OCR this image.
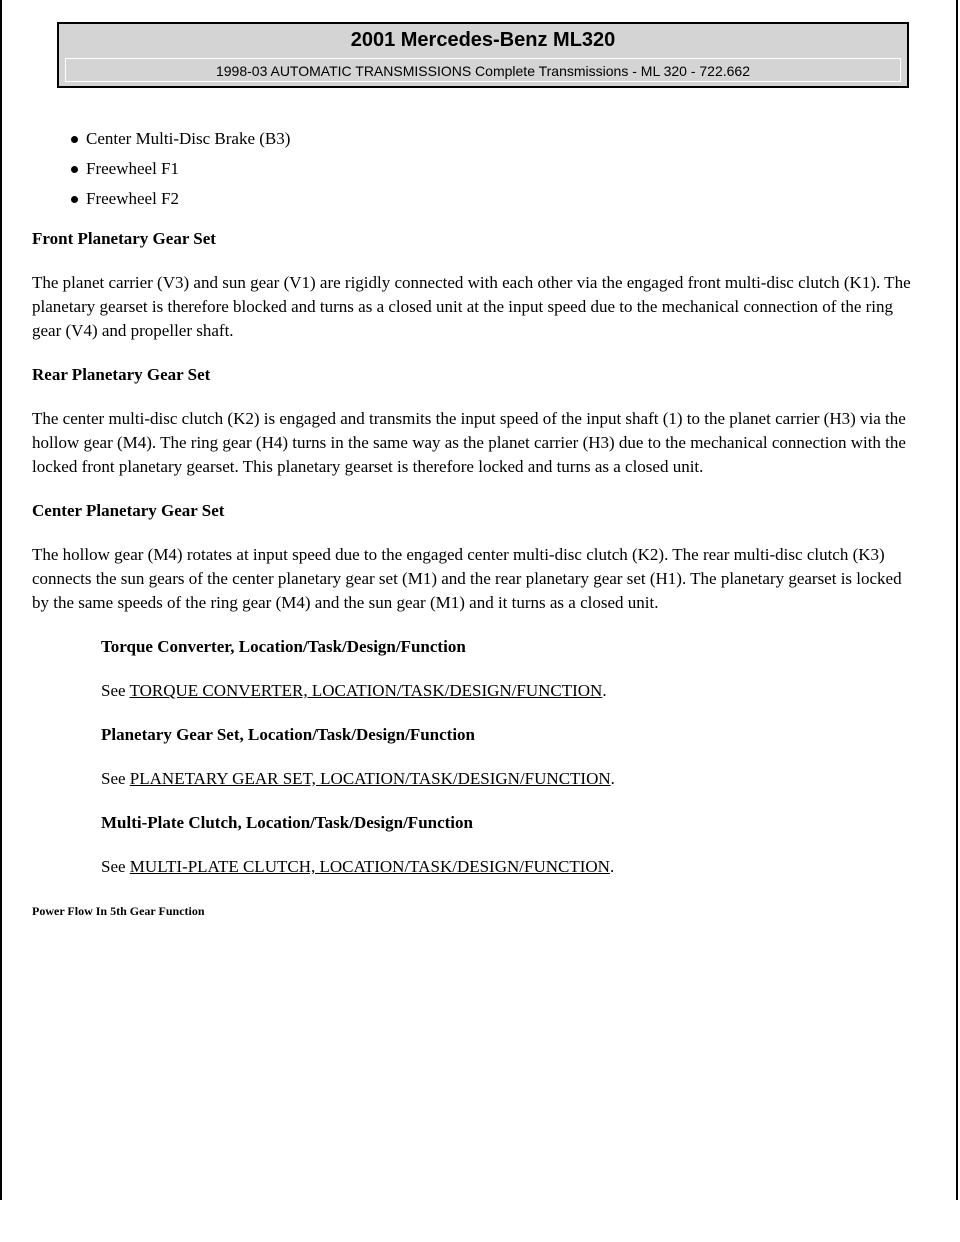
2001 Mercedes-Benz ML320
1998-03 AUTOMATIC TRANSMISSIONS Complete Transmissions - ML 320 - 722.662
Center Multi-Disc Brake (B3)
Freewheel F1
Freewheel F2
Front Planetary Gear Set

The planet carrier (V3) and sun gear (V1) are rigidly connected with each other via the engaged front multi-disc clutch (K1). The planetary gearset is therefore blocked and turns as a closed unit at the input speed due to the mechanical connection of the ring gear (V4) and propeller shaft.

Rear Planetary Gear Set

The center multi-disc clutch (K2) is engaged and transmits the input speed of the input shaft (1) to the planet carrier (H3) via the hollow gear (M4). The ring gear (H4) turns in the same way as the planet carrier (H3) due to the mechanical connection with the locked front planetary gearset. This planetary gearset is therefore locked and turns as a closed unit.

Center Planetary Gear Set

The hollow gear (M4) rotates at input speed due to the engaged center multi-disc clutch (K2). The rear multi-disc clutch (K3) connects the sun gears of the center planetary gear set (M1) and the rear planetary gear set (H1). The planetary gearset is locked by the same speeds of the ring gear (M4) and the sun gear (M1) and it turns as a closed unit.

Torque Converter, Location/Task/Design/Function

See TORQUE CONVERTER, LOCATION/TASK/DESIGN/FUNCTION.

Planetary Gear Set, Location/Task/Design/Function

See PLANETARY GEAR SET, LOCATION/TASK/DESIGN/FUNCTION.

Multi-Plate Clutch, Location/Task/Design/Function

See MULTI-PLATE CLUTCH, LOCATION/TASK/DESIGN/FUNCTION.

Power Flow In 5th Gear Function
